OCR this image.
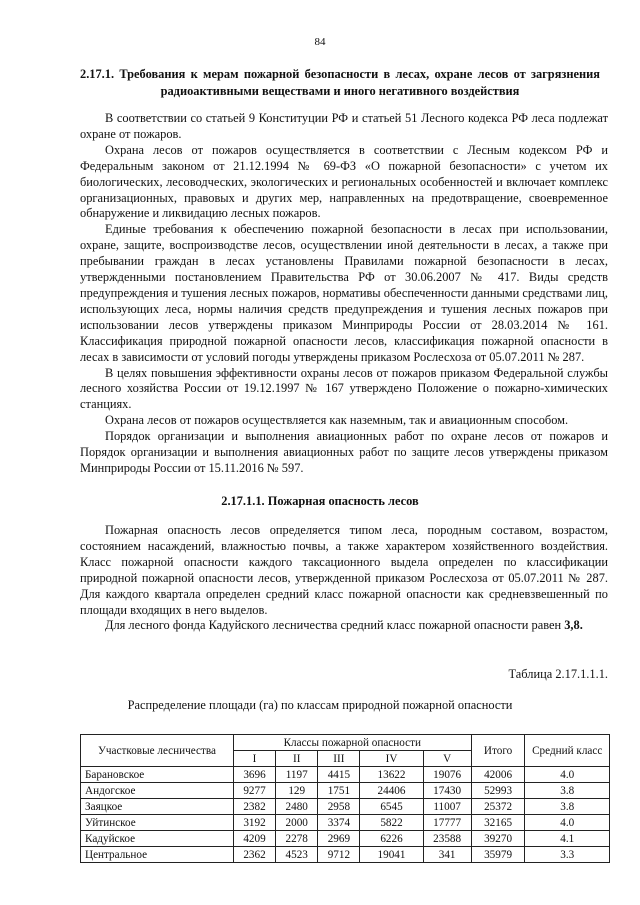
84
2.17.1. Требования к мерам пожарной безопасности в лесах, охране лесов от загрязнения радиоактивными веществами и иного негативного воздействия

В соответствии со статьей 9 Конституции РФ и статьей 51 Лесного кодекса РФ леса подлежат охране от пожаров.

Охрана лесов от пожаров осуществляется в соответствии с Лесным кодексом РФ и Федеральным законом от 21.12.1994 № 69-ФЗ «О пожарной безопасности» с учетом их биологических, лесоводческих, экологических и региональных особенностей и включает комплекс организационных, правовых и других мер, направленных на предотвращение, своевременное обнаружение и ликвидацию лесных пожаров.

Единые требования к обеспечению пожарной безопасности в лесах при использовании, охране, защите, воспроизводстве лесов, осуществлении иной деятельности в лесах, а также при пребывании граждан в лесах установлены Правилами пожарной безопасности в лесах, утвержденными постановлением Правительства РФ от 30.06.2007 № 417. Виды средств предупреждения и тушения лесных пожаров, нормативы обеспеченности данными средствами лиц, использующих леса, нормы наличия средств предупреждения и тушения лесных пожаров при использовании лесов утверждены приказом Минприроды России от 28.03.2014 № 161. Классификация природной пожарной опасности лесов, классификация пожарной опасности в лесах в зависимости от условий погоды утверждены приказом Рослесхоза от 05.07.2011 № 287.

В целях повышения эффективности охраны лесов от пожаров приказом Федеральной службы лесного хозяйства России от 19.12.1997 № 167 утверждено Положение о пожарно-химических станциях.

Охрана лесов от пожаров осуществляется как наземным, так и авиационным способом.

Порядок организации и выполнения авиационных работ по охране лесов от пожаров и Порядок организации и выполнения авиационных работ по защите лесов утверждены приказом Минприроды России от 15.11.2016 № 597.

2.17.1.1. Пожарная опасность лесов

Пожарная опасность лесов определяется типом леса, породным составом, возрастом, состоянием насаждений, влажностью почвы, а также характером хозяйственного воздействия. Класс пожарной опасности каждого таксационного выдела определен по классификации природной пожарной опасности лесов, утвержденной приказом Рослесхоза от 05.07.2011 № 287. Для каждого квартала определен средний класс пожарной опасности как средневзвешенный по площади входящих в него выделов.

Для лесного фонда Кадуйского лесничества средний класс пожарной опасности равен 3,8.

Таблица 2.17.1.1.1.
Распределение площади (га) по классам природной пожарной опасности
Участковые лесничества	Классы пожарной опасности					Итого	Средний класс
	I	II	III	IV	V		
Барановское	3696	1197	4415	13622	19076	42006	4.0
Андогское	9277	129	1751	24406	17430	52993	3.8
Заяцкое	2382	2480	2958	6545	11007	25372	3.8
Уйтинское	3192	2000	3374	5822	17777	32165	4.0
Кадуйское	4209	2278	2969	6226	23588	39270	4.1
Центральное	2362	4523	9712	19041	341	35979	3.3
